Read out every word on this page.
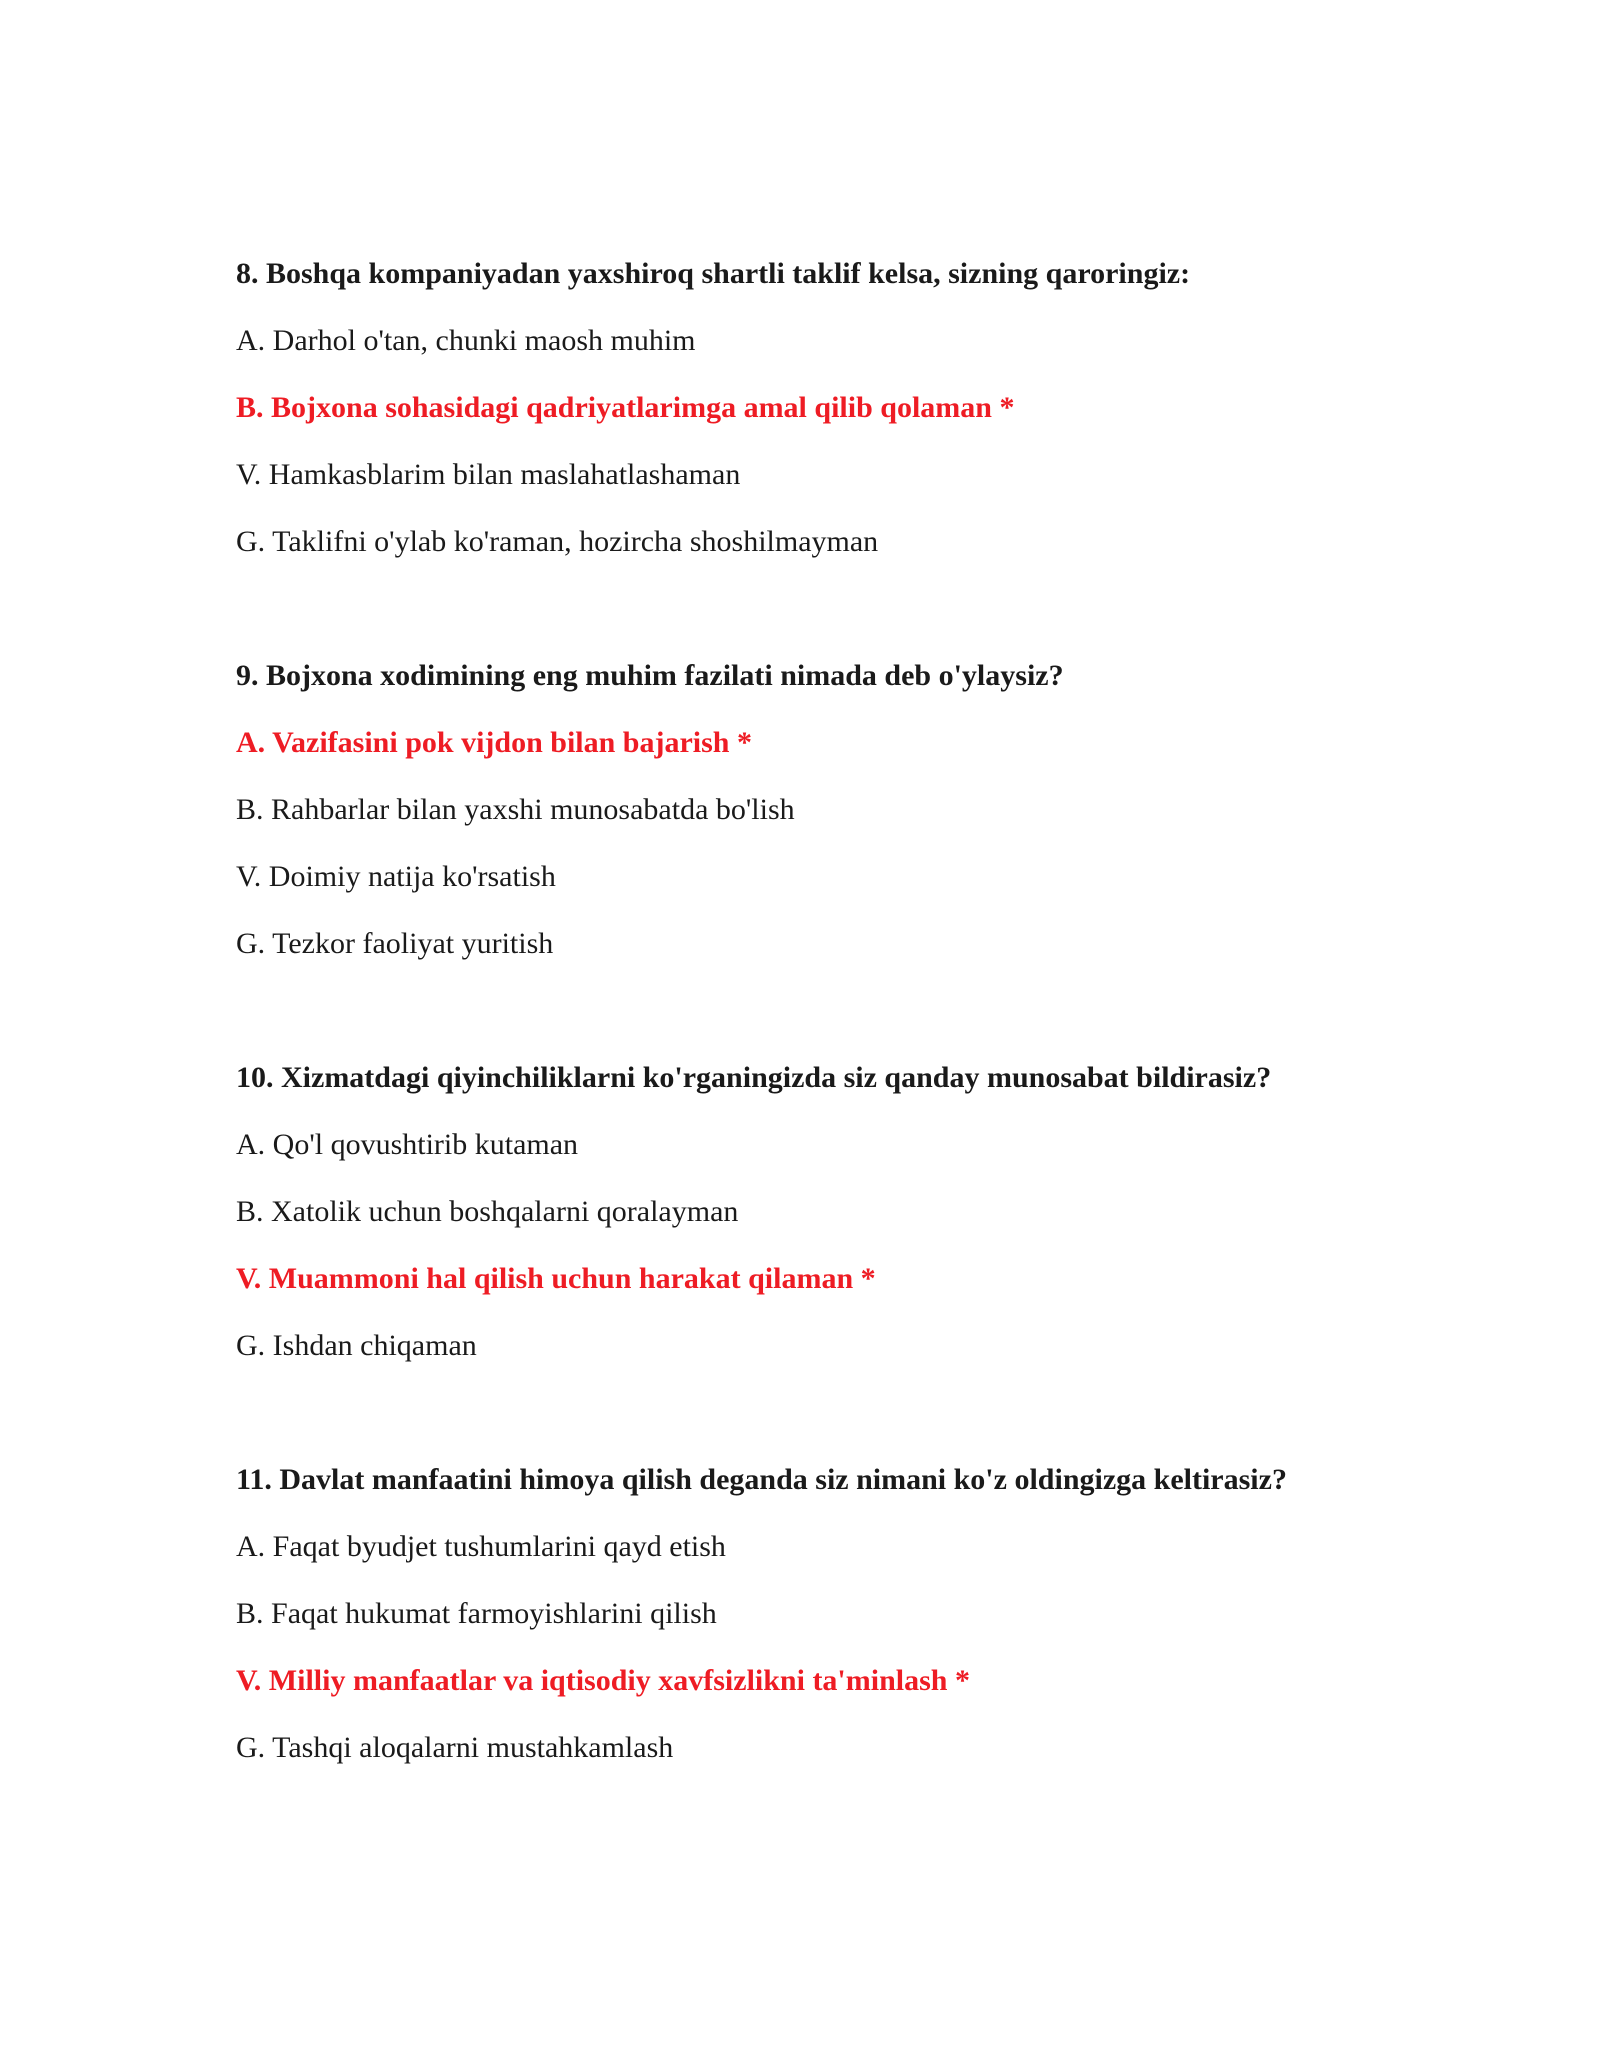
8. Boshqa kompaniyadan yaxshiroq shartli taklif kelsa, sizning qaroringiz:

A. Darhol o'tan, chunki maosh muhim

B. Bojxona sohasidagi qadriyatlarimga amal qilib qolaman *

V. Hamkasblarim bilan maslahatlashaman

G. Taklifni o'ylab ko'raman, hozircha shoshilmayman

9. Bojxona xodimining eng muhim fazilati nimada deb o'ylaysiz?

A. Vazifasini pok vijdon bilan bajarish *

B. Rahbarlar bilan yaxshi munosabatda bo'lish

V. Doimiy natija ko'rsatish

G. Tezkor faoliyat yuritish

10. Xizmatdagi qiyinchiliklarni ko'rganingizda siz qanday munosabat bildirasiz?

A. Qo'l qovushtirib kutaman

B. Xatolik uchun boshqalarni qoralayman

V. Muammoni hal qilish uchun harakat qilaman *

G. Ishdan chiqaman

11. Davlat manfaatini himoya qilish deganda siz nimani ko'z oldingizga keltirasiz?

A. Faqat byudjet tushumlarini qayd etish

B. Faqat hukumat farmoyishlarini qilish

V. Milliy manfaatlar va iqtisodiy xavfsizlikni ta'minlash *

G. Tashqi aloqalarni mustahkamlash
